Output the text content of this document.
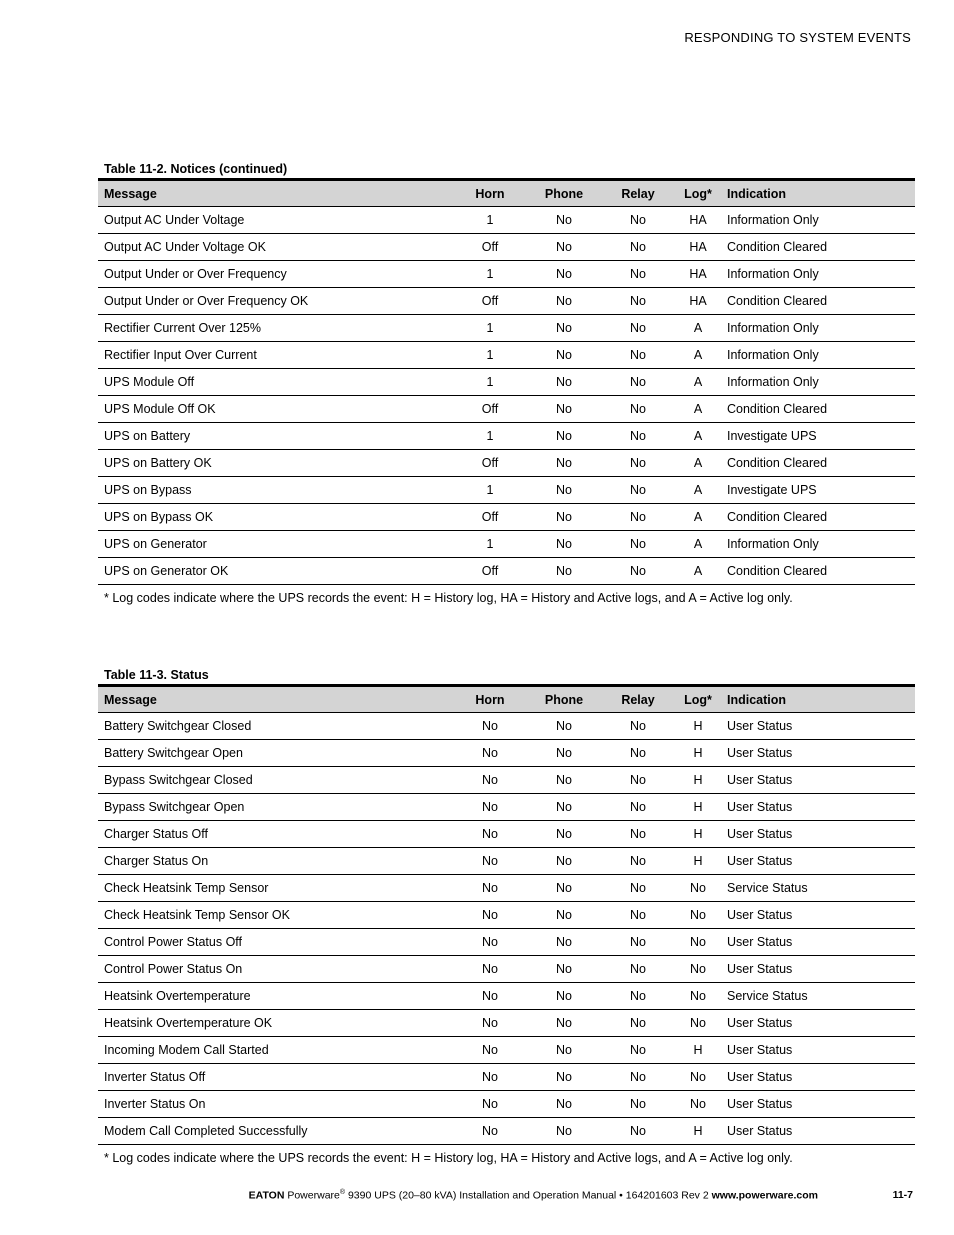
RESPONDING TO SYSTEM EVENTS
Table 11-2. Notices (continued)
Message	Horn	Phone	Relay	Log*	Indication
Output AC Under Voltage	1	No	No	HA	Information Only
Output AC Under Voltage OK	Off	No	No	HA	Condition Cleared
Output Under or Over Frequency	1	No	No	HA	Information Only
Output Under or Over Frequency OK	Off	No	No	HA	Condition Cleared
Rectifier Current Over 125%	1	No	No	A	Information Only
Rectifier Input Over Current	1	No	No	A	Information Only
UPS Module Off	1	No	No	A	Information Only
UPS Module Off OK	Off	No	No	A	Condition Cleared
UPS on Battery	1	No	No	A	Investigate UPS
UPS on Battery OK	Off	No	No	A	Condition Cleared
UPS on Bypass	1	No	No	A	Investigate UPS
UPS on Bypass OK	Off	No	No	A	Condition Cleared
UPS on Generator	1	No	No	A	Information Only
UPS on Generator OK	Off	No	No	A	Condition Cleared
* Log codes indicate where the UPS records the event: H = History log, HA = History and Active logs, and A = Active log only.
Table 11-3. Status
Message	Horn	Phone	Relay	Log*	Indication
Battery Switchgear Closed	No	No	No	H	User Status
Battery Switchgear Open	No	No	No	H	User Status
Bypass Switchgear Closed	No	No	No	H	User Status
Bypass Switchgear Open	No	No	No	H	User Status
Charger Status Off	No	No	No	H	User Status
Charger Status On	No	No	No	H	User Status
Check Heatsink Temp Sensor	No	No	No	No	Service Status
Check Heatsink Temp Sensor OK	No	No	No	No	User Status
Control Power Status Off	No	No	No	No	User Status
Control Power Status On	No	No	No	No	User Status
Heatsink Overtemperature	No	No	No	No	Service Status
Heatsink Overtemperature OK	No	No	No	No	User Status
Incoming Modem Call Started	No	No	No	H	User Status
Inverter Status Off	No	No	No	No	User Status
Inverter Status On	No	No	No	No	User Status
Modem Call Completed Successfully	No	No	No	H	User Status
* Log codes indicate where the UPS records the event: H = History log, HA = History and Active logs, and A = Active log only.
EATON Powerware® 9390 UPS (20–80 kVA) Installation and Operation Manual • 164201603 Rev 2 www.powerware.com	11-7
